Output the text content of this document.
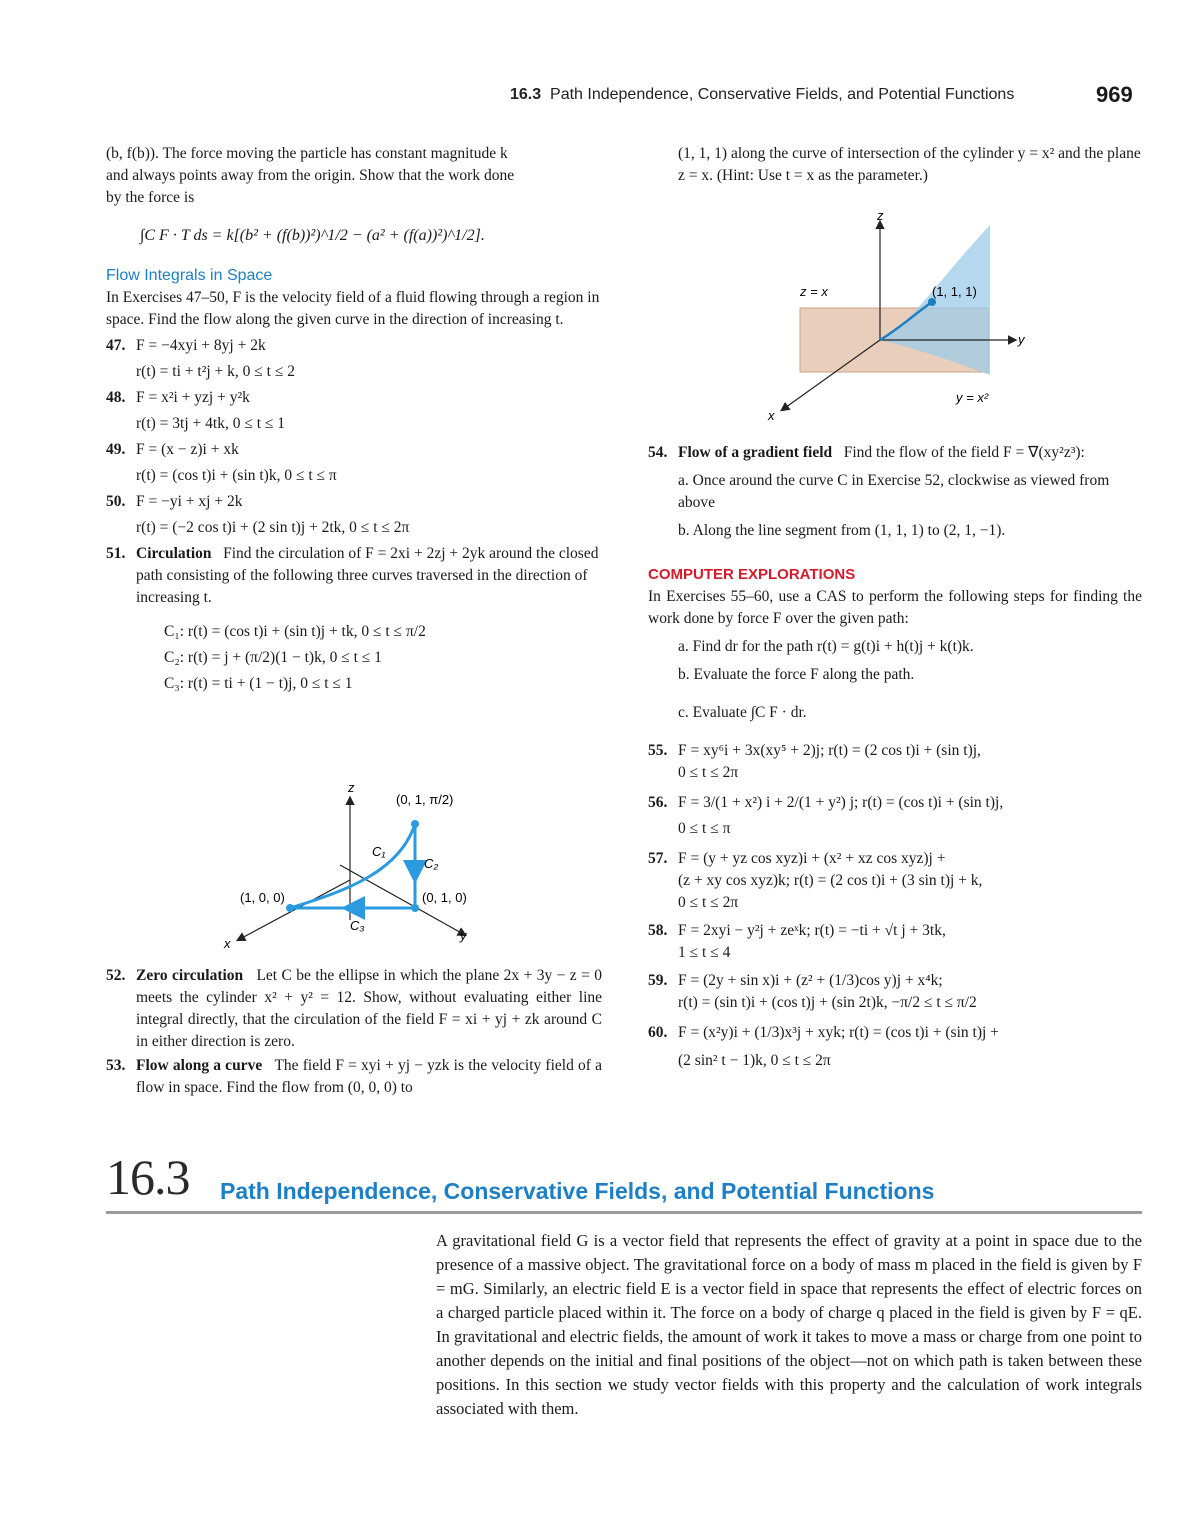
16.3 Path Independence, Conservative Fields, and Potential Functions	969

(b, f(b)). The force moving the particle has constant magnitude k

and always points away from the origin. Show that the work done

by the force is

∫C F · T ds = k[(b² + (f(b))²)^1/2 − (a² + (f(a))²)^1/2].

Flow Integrals in Space

In Exercises 47–50, F is the velocity field of a fluid flowing through a region in space. Find the flow along the given curve in the direction of increasing t.

47. F = −4xyi + 8yj + 2k

r(t) = ti + t²j + k, 0 ≤ t ≤ 2

48. F = x²i + yzj + y²k

r(t) = 3tj + 4tk, 0 ≤ t ≤ 1

49. F = (x − z)i + xk

r(t) = (cos t)i + (sin t)k, 0 ≤ t ≤ π

50. F = −yi + xj + 2k

r(t) = (−2 cos t)i + (2 sin t)j + 2tk, 0 ≤ t ≤ 2π

51. Circulation Find the circulation of F = 2xi + 2zj + 2yk around the closed path consisting of the following three curves traversed in the direction of increasing t.

C₁: r(t) = (cos t)i + (sin t)j + tk, 0 ≤ t ≤ π/2

C₂: r(t) = j + (π/2)(1 − t)k, 0 ≤ t ≤ 1

C₃: r(t) = ti + (1 − t)j, 0 ≤ t ≤ 1

z
x
y
(0, 1, π/2)
C₁
C₂
C₃
(1, 0, 0)	(0, 1, 0)
52. Zero circulation Let C be the ellipse in which the plane 2x + 3y − z = 0 meets the cylinder x² + y² = 12. Show, without evaluating either line integral directly, that the circulation of the field F = xi + yj + zk around C in either direction is zero.

53. Flow along a curve The field F = xyi + yj − yzk is the velocity field of a flow in space. Find the flow from (0, 0, 0) to

(1, 1, 1) along the curve of intersection of the cylinder y = x² and the plane z = x. (Hint: Use t = x as the parameter.)

z
y
x
z = x	(1, 1, 1)
y = x²
54. Flow of a gradient field Find the flow of the field F = ∇(xy²z³):

a. Once around the curve C in Exercise 52, clockwise as viewed from above

b. Along the line segment from (1, 1, 1) to (2, 1, −1).

COMPUTER EXPLORATIONS

In Exercises 55–60, use a CAS to perform the following steps for finding the work done by force F over the given path:

a. Find dr for the path r(t) = g(t)i + h(t)j + k(t)k.

b. Evaluate the force F along the path.

c. Evaluate ∫C F · dr.

55. F = xy⁶i + 3x(xy⁵ + 2)j; r(t) = (2 cos t)i + (sin t)j,

0 ≤ t ≤ 2π

56. F = 3/(1 + x²) i + 2/(1 + y²) j; r(t) = (cos t)i + (sin t)j,

0 ≤ t ≤ π

57. F = (y + yz cos xyz)i + (x² + xz cos xyz)j +

(z + xy cos xyz)k; r(t) = (2 cos t)i + (3 sin t)j + k,

0 ≤ t ≤ 2π

58. F = 2xyi − y²j + zeˣk; r(t) = −ti + √t j + 3tk,

1 ≤ t ≤ 4

59. F = (2y + sin x)i + (z² + (1/3)cos y)j + x⁴k;

r(t) = (sin t)i + (cos t)j + (sin 2t)k, −π/2 ≤ t ≤ π/2

60. F = (x²y)i + (1/3)x³j + xyk; r(t) = (cos t)i + (sin t)j +

(2 sin² t − 1)k, 0 ≤ t ≤ 2π

16.3 Path Independence, Conservative Fields, and Potential Functions
A gravitational field G is a vector field that represents the effect of gravity at a point in space due to the presence of a massive object. The gravitational force on a body of mass m placed in the field is given by F = mG. Similarly, an electric field E is a vector field in space that represents the effect of electric forces on a charged particle placed within it. The force on a body of charge q placed in the field is given by F = qE. In gravitational and electric fields, the amount of work it takes to move a mass or charge from one point to another depends on the initial and final positions of the object—not on which path is taken between these positions. In this section we study vector fields with this property and the calculation of work integrals associated with them.
